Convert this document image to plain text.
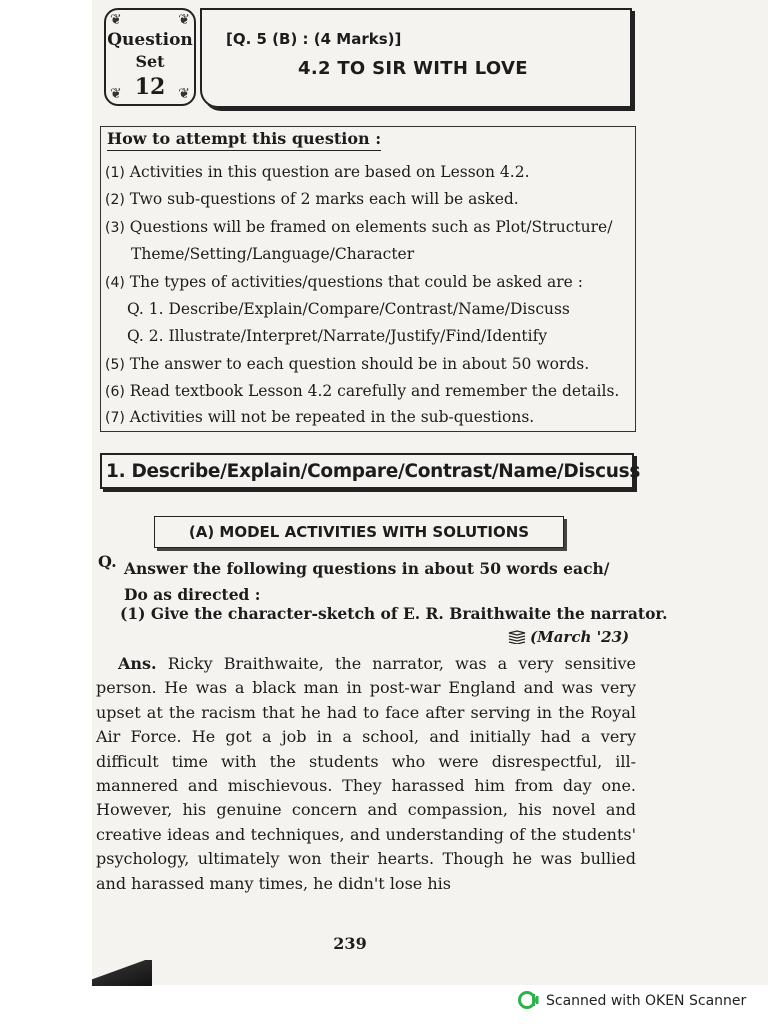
❦	❦
❦	❦
Question
Set
12
[Q. 5 (B) : (4 Marks)]
4.2 TO SIR WITH LOVE
How to attempt this question :
(1) Activities in this question are based on Lesson 4.2.
(2) Two sub-questions of 2 marks each will be asked.
(3) Questions will be framed on elements such as Plot/Structure/
Theme/Setting/Language/Character
(4) The types of activities/questions that could be asked are :
Q. 1. Describe/Explain/Compare/Contrast/Name/Discuss
Q. 2. Illustrate/Interpret/Narrate/Justify/Find/Identify
(5) The answer to each question should be in about 50 words.
(6) Read textbook Lesson 4.2 carefully and remember the details.
(7) Activities will not be repeated in the sub-questions.
1. Describe/Explain/Compare/Contrast/Name/Discuss
(A) MODEL ACTIVITIES WITH SOLUTIONS
Q. Answer the following questions in about 50 words each/ Do as directed :
(1) Give the character-sketch of E. R. Braithwaite the narrator.
(March '23)
Ans. Ricky Braithwaite, the narrator, was a very sensitive person. He was a black man in post-war England and was very upset at the racism that he had to face after serving in the Royal Air Force. He got a job in a school, and initially had a very difficult time with the students who were disrespectful, ill-mannered and mischievous. They harassed him from day one. However, his genuine concern and compassion, his novel and creative ideas and techniques, and understanding of the students' psychology, ultimately won their hearts. Though he was bullied and harassed many times, he didn't lose his
239
Scanned with OKEN Scanner
